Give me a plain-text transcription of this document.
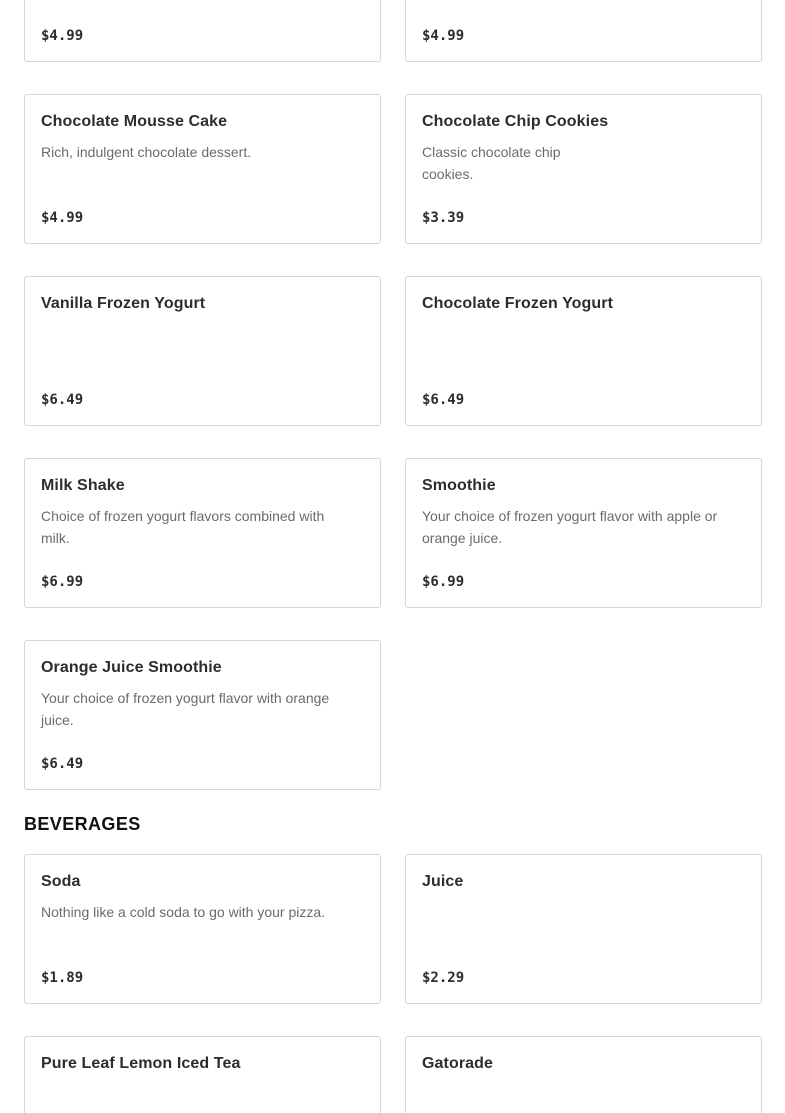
$4.99	$4.99
Chocolate Mousse Cake
Rich, indulgent chocolate dessert.
$4.99
Chocolate Chip Cookies
Classic chocolate chip cookies.
$3.39
Vanilla Frozen Yogurt
$6.49
Chocolate Frozen Yogurt
$6.49
Milk Shake
Choice of frozen yogurt flavors combined with milk.
$6.99
Smoothie
Your choice of frozen yogurt flavor with apple or orange juice.
$6.99
Orange Juice Smoothie
Your choice of frozen yogurt flavor with orange juice.
$6.49
BEVERAGES
Soda
Nothing like a cold soda to go with your pizza.
$1.89
Juice
$2.29
Pure Leaf Lemon Iced Tea	Gatorade
